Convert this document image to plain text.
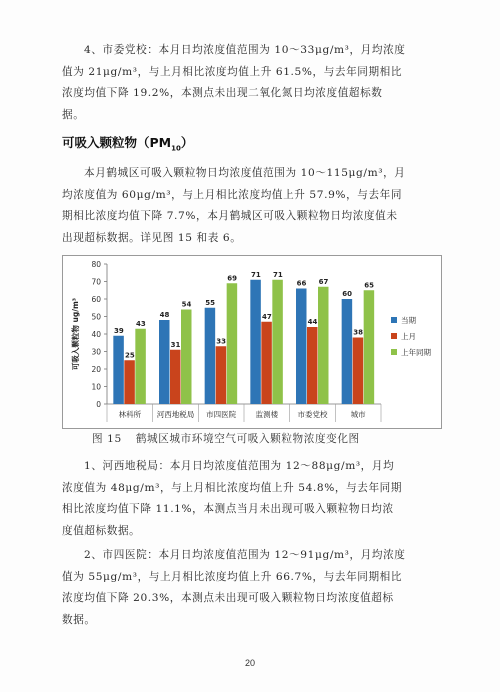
4、市委党校：本月日均浓度值范围为 10～33μg/m³，月均浓度
值为 21μg/m³，与上月相比浓度均值上升 61.5%，与去年同期相比
浓度均值下降 19.2%，本测点未出现二氧化氮日均浓度值超标数
据。

可吸入颗粒物$(PM_{10})$

本月鹤城区可吸入颗粒物日均浓度值范围为 10～115μg/m³，月
均浓度值为 60μg/m³，与上月相比浓度均值上升 57.9%，与去年同
期相比浓度均值下降 7.7%，本月鹤城区可吸入颗粒物日均浓度值未
出现超标数据。详见图 15 和表 6。

0
10
20
30
40
50
60
70
80
可吸入颗粒物 ug/m³	39
25
43
林科所
48
31
54
河西地税局
55
33
69
市四医院
71
47
71
监测楼
66
44
67
市委党校
60
38
65
城市
当期
上月
上年同期

图 15 鹤城区城市环境空气可吸入颗粒物浓度变化图

1、河西地税局：本月日均浓度值范围为 12～88μg/m³，月均
浓度值为 48μg/m³，与上月相比浓度均值上升 54.8%，与去年同期
相比浓度均值下降 11.1%，本测点当月未出现可吸入颗粒物日均浓
度值超标数据。

2、市四医院：本月日均浓度值范围为 12～91μg/m³，月均浓度
值为 55μg/m³，与上月相比浓度均值上升 66.7%，与去年同期相比
浓度均值下降 20.3%，本测点未出现可吸入颗粒物日均浓度值超标
数据。

20
